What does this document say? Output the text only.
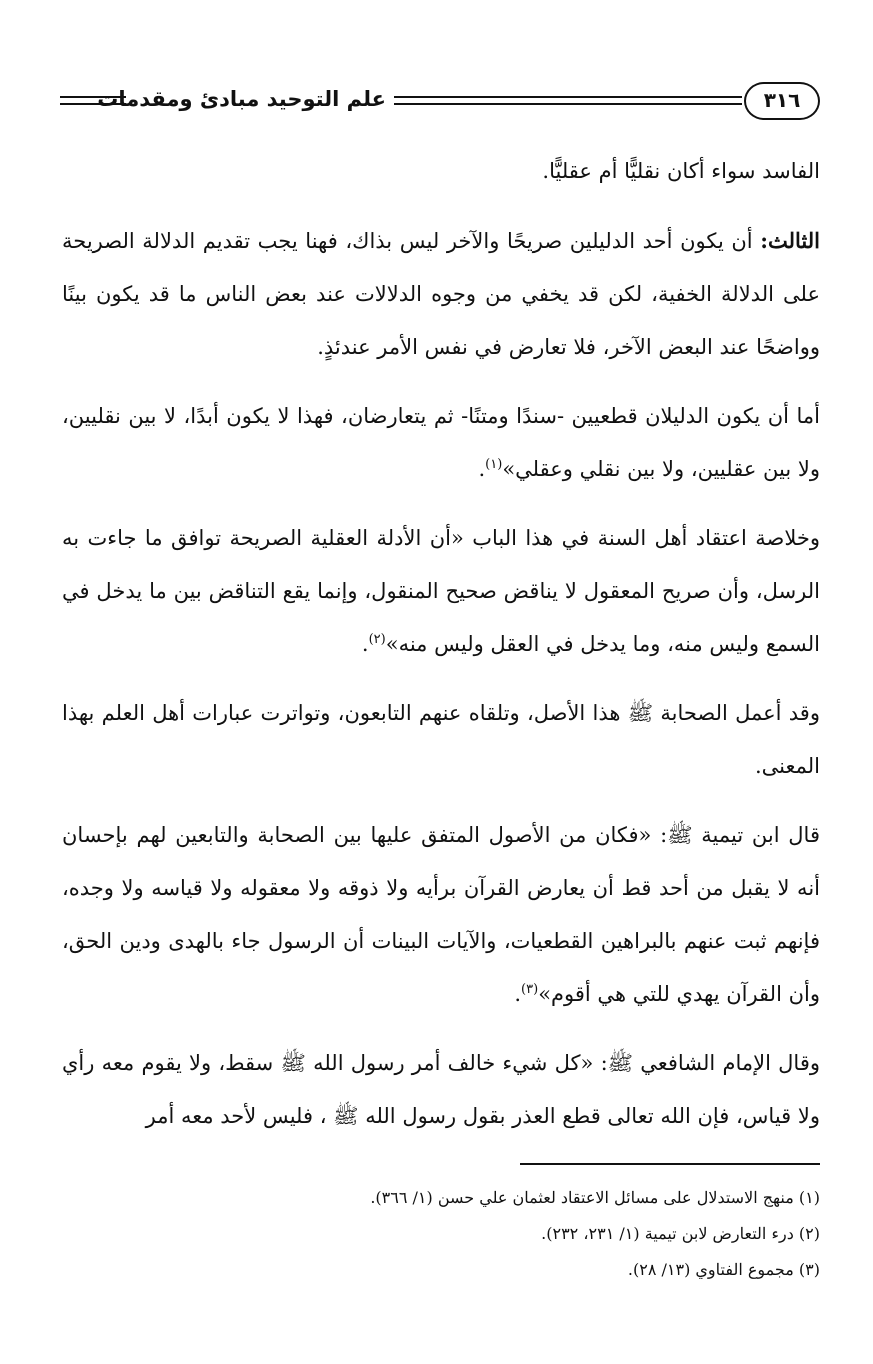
علم التوحيد مبادئ ومقدمات	٣١٦

الفاسد سواء أكان نقليًّا أم عقليًّا.

الثالث: أن يكون أحد الدليلين صريحًا والآخر ليس بذاك، فهنا يجب تقديم الدلالة الصريحة على الدلالة الخفية، لكن قد يخفي من وجوه الدلالات عند بعض الناس ما قد يكون بينًا وواضحًا عند البعض الآخر، فلا تعارض في نفس الأمر عندئذٍ.

أما أن يكون الدليلان قطعيين -سندًا ومتنًا- ثم يتعارضان، فهذا لا يكون أبدًا، لا بين نقليين، ولا بين عقليين، ولا بين نقلي وعقلي»$^{(١)}$.

وخلاصة اعتقاد أهل السنة في هذا الباب «أن الأدلة العقلية الصريحة توافق ما جاءت به الرسل، وأن صريح المعقول لا يناقض صحيح المنقول، وإنما يقع التناقض بين ما يدخل في السمع وليس منه، وما يدخل في العقل وليس منه»$^{(٢)}$.

وقد أعمل الصحابة ﷺ هذا الأصل، وتلقاه عنهم التابعون، وتواترت عبارات أهل العلم بهذا المعنى.

قال ابن تيمية ﷺ: «فكان من الأصول المتفق عليها بين الصحابة والتابعين لهم بإحسان أنه لا يقبل من أحد قط أن يعارض القرآن برأيه ولا ذوقه ولا معقوله ولا قياسه ولا وجده، فإنهم ثبت عنهم بالبراهين القطعيات، والآيات البينات أن الرسول جاء بالهدى ودين الحق، وأن القرآن يهدي للتي هي أقوم»$^{(٣)}$.

وقال الإمام الشافعي ﷺ: «كل شيء خالف أمر رسول الله ﷺ سقط، ولا يقوم معه رأي ولا قياس، فإن الله تعالى قطع العذر بقول رسول الله ﷺ ، فليس لأحد معه أمر

(١) منهج الاستدلال على مسائل الاعتقاد لعثمان علي حسن (١/ ٣٦٦).

(٢) درء التعارض لابن تيمية (١/ ٢٣١، ٢٣٢).

(٣) مجموع الفتاوي (١٣/ ٢٨).
